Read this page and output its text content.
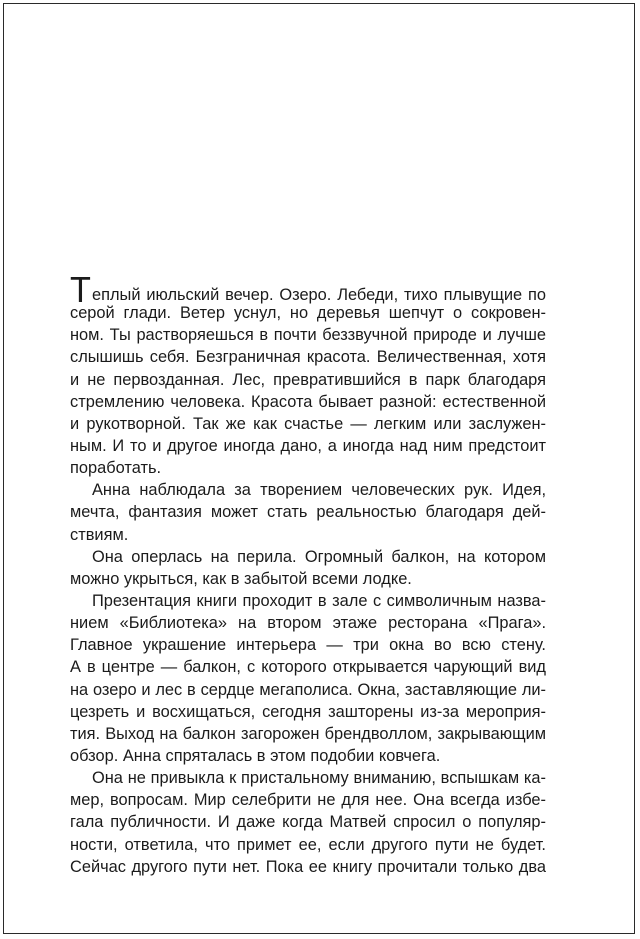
Теплый июльский вечер. Озеро. Лебеди, тихо плывущие по
серой глади. Ветер уснул, но деревья шепчут о сокровен-
ном. Ты растворяешься в почти беззвучной природе и лучше
слышишь себя. Безграничная красота. Величественная, хотя
и не первозданная. Лес, превратившийся в парк благодаря
стремлению человека. Красота бывает разной: естественной
и рукотворной. Так же как счастье — легким или заслужен-
ным. И то и другое иногда дано, а иногда над ним предстоит
поработать.
Анна наблюдала за творением человеческих рук. Идея,
мечта, фантазия может стать реальностью благодаря дей-
ствиям.
Она оперлась на перила. Огромный балкон, на котором
можно укрыться, как в забытой всеми лодке.
Презентация книги проходит в зале с символичным назва-
нием «Библиотека» на втором этаже ресторана «Прага».
Главное украшение интерьера — три окна во всю стену.
А в центре — балкон, с которого открывается чарующий вид
на озеро и лес в сердце мегаполиса. Окна, заставляющие ли-
цезреть и восхищаться, сегодня зашторены из-за мероприя-
тия. Выход на балкон загорожен брендволлом, закрывающим
обзор. Анна спряталась в этом подобии ковчега.
Она не привыкла к пристальному вниманию, вспышкам ка-
мер, вопросам. Мир селебрити не для нее. Она всегда избе-
гала публичности. И даже когда Матвей спросил о популяр-
ности, ответила, что примет ее, если другого пути не будет.
Сейчас другого пути нет. Пока ее книгу прочитали только два
